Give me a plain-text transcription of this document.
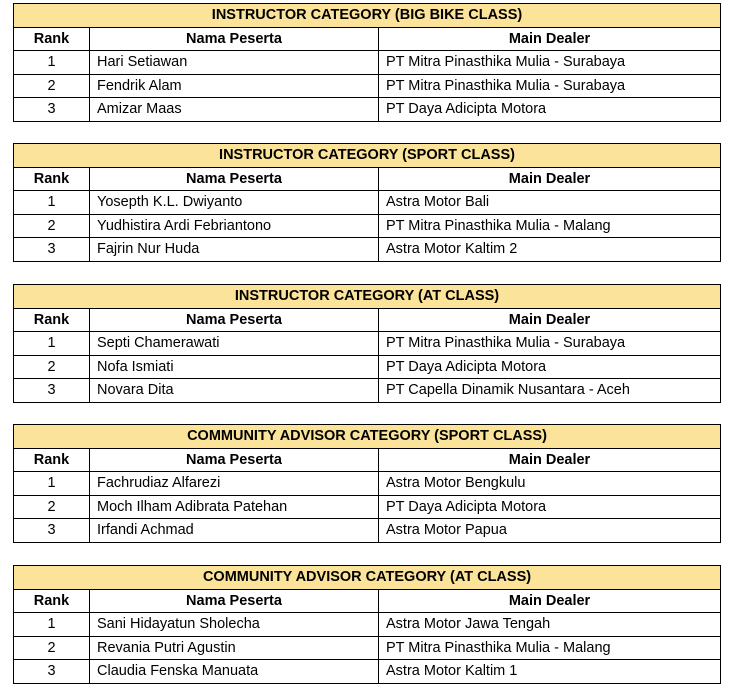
INSTRUCTOR CATEGORY (BIG BIKE CLASS)		
Rank	Nama Peserta	Main Dealer
1	Hari Setiawan	PT Mitra Pinasthika Mulia - Surabaya
2	Fendrik Alam	PT Mitra Pinasthika Mulia - Surabaya
3	Amizar Maas	PT Daya Adicipta Motora
INSTRUCTOR CATEGORY (SPORT CLASS)		
Rank	Nama Peserta	Main Dealer
1	Yosepth K.L. Dwiyanto	Astra Motor Bali
2	Yudhistira Ardi Febriantono	PT Mitra Pinasthika Mulia - Malang
3	Fajrin Nur Huda	Astra Motor Kaltim 2
INSTRUCTOR CATEGORY (AT CLASS)		
Rank	Nama Peserta	Main Dealer
1	Septi Chamerawati	PT Mitra Pinasthika Mulia - Surabaya
2	Nofa Ismiati	PT Daya Adicipta Motora
3	Novara Dita	PT Capella Dinamik Nusantara - Aceh
COMMUNITY ADVISOR CATEGORY (SPORT CLASS)		
Rank	Nama Peserta	Main Dealer
1	Fachrudiaz Alfarezi	Astra Motor Bengkulu
2	Moch Ilham Adibrata Patehan	PT Daya Adicipta Motora
3	Irfandi Achmad	Astra Motor Papua
COMMUNITY ADVISOR CATEGORY (AT CLASS)		
Rank	Nama Peserta	Main Dealer
1	Sani Hidayatun Sholecha	Astra Motor Jawa Tengah
2	Revania Putri Agustin	PT Mitra Pinasthika Mulia - Malang
3	Claudia Fenska Manuata	Astra Motor Kaltim 1
